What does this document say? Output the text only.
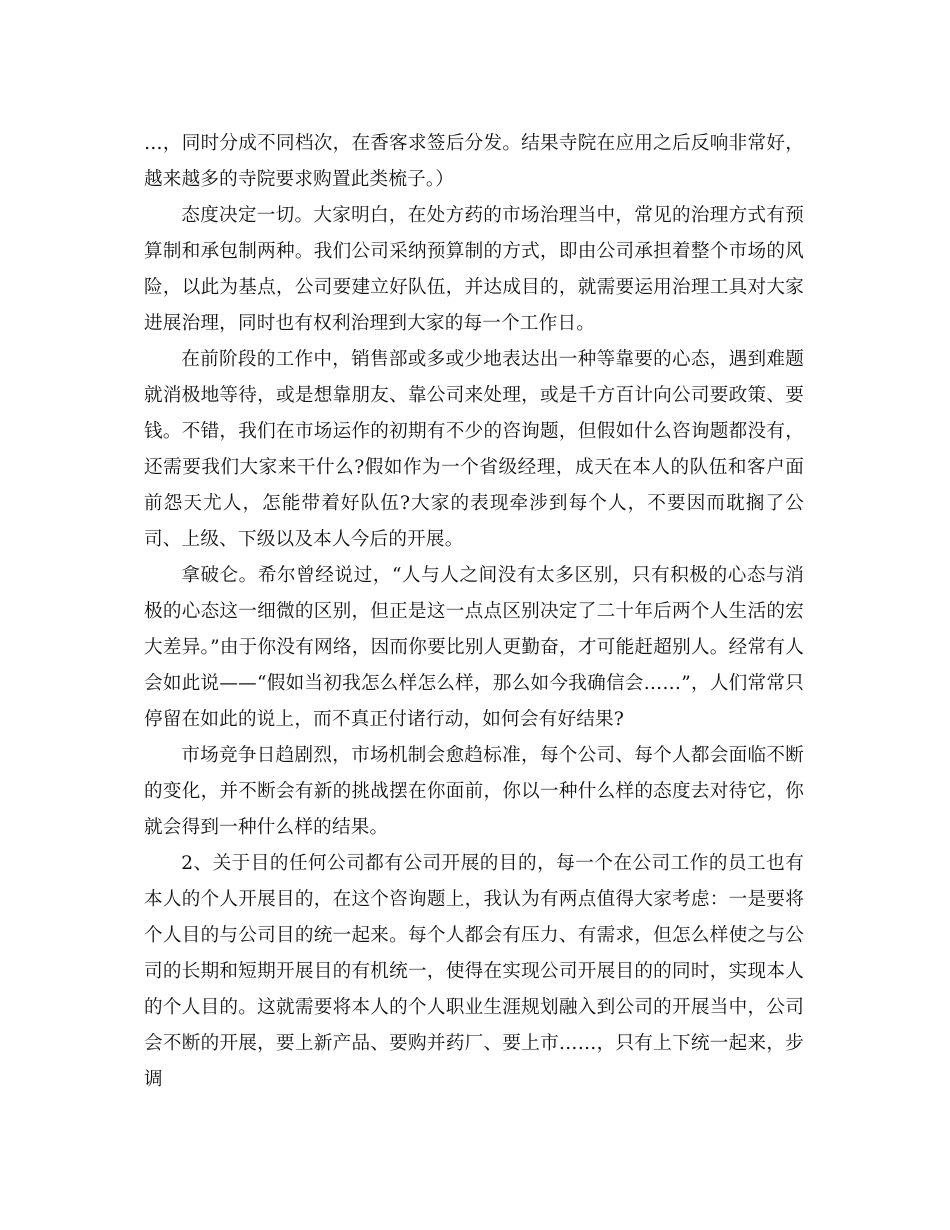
…，同时分成不同档次，在香客求签后分发。结果寺院在应用之后反响非常好，越来越多的寺院要求购置此类梳子。）

态度决定一切。大家明白，在处方药的市场治理当中，常见的治理方式有预算制和承包制两种。我们公司采纳预算制的方式，即由公司承担着整个市场的风险，以此为基点，公司要建立好队伍，并达成目的，就需要运用治理工具对大家进展治理，同时也有权利治理到大家的每一个工作日。

在前阶段的工作中，销售部或多或少地表达出一种等靠要的心态，遇到难题就消极地等待，或是想靠朋友、靠公司来处理，或是千方百计向公司要政策、要钱。不错，我们在市场运作的初期有不少的咨询题，但假如什么咨询题都没有，还需要我们大家来干什么?假如作为一个省级经理，成天在本人的队伍和客户面前怨天尤人，怎能带着好队伍?大家的表现牵涉到每个人，不要因而耽搁了公司、上级、下级以及本人今后的开展。

拿破仑。希尔曾经说过，“人与人之间没有太多区别，只有积极的心态与消极的心态这一细微的区别，但正是这一点点区别决定了二十年后两个人生活的宏大差异。”由于你没有网络，因而你要比别人更勤奋，才可能赶超别人。经常有人会如此说——“假如当初我怎么样怎么样，那么如今我确信会……”，人们常常只停留在如此的说上，而不真正付诸行动，如何会有好结果?

市场竞争日趋剧烈，市场机制会愈趋标准，每个公司、每个人都会面临不断的变化，并不断会有新的挑战摆在你面前，你以一种什么样的态度去对待它，你就会得到一种什么样的结果。

2、关于目的任何公司都有公司开展的目的，每一个在公司工作的员工也有本人的个人开展目的，在这个咨询题上，我认为有两点值得大家考虑：一是要将个人目的与公司目的统一起来。每个人都会有压力、有需求，但怎么样使之与公司的长期和短期开展目的有机统一，使得在实现公司开展目的的同时，实现本人的个人目的。这就需要将本人的个人职业生涯规划融入到公司的开展当中，公司会不断的开展，要上新产品、要购并药厂、要上市……，只有上下统一起来，步调
